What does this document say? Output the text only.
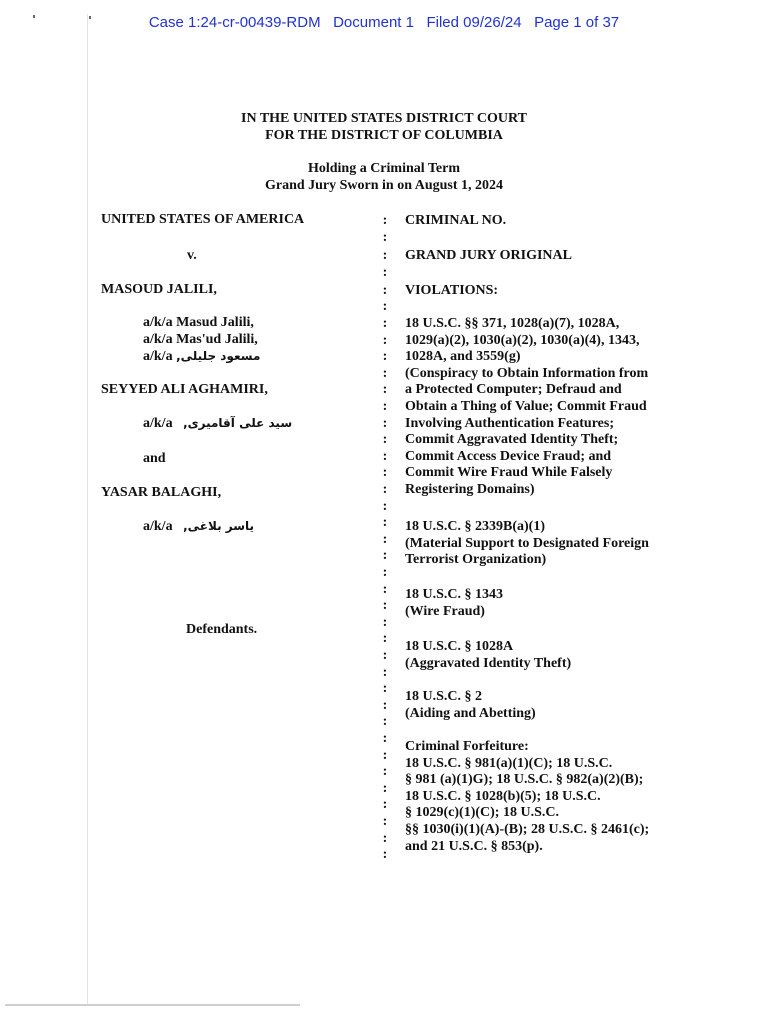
Case 1:24-cr-00439-RDM Document 1 Filed 09/26/24 Page 1 of 37
IN THE UNITED STATES DISTRICT COURT
FOR THE DISTRICT OF COLUMBIA
Holding a Criminal Term
Grand Jury Sworn in on August 1, 2024
UNITED STATES OF AMERICA
v.
MASOUD JALILI,
a/k/a Masud Jalili,
a/k/a Mas'ud Jalili,
a/k/a مسعود جلیلی,
SEYYED ALI AGHAMIRI,
a/k/a سید علی آقامیری,
and
YASAR BALAGHI,
a/k/a یاسر بلاغی,
Defendants.
:
:
:
:
:
:
:
:
:
:
:
:
:
:
:
:
:
:
:
:
:
:
:
:
:
:
:
:
:
:
:
:
:
:
:
:
:
:
:
CRIMINAL NO.
GRAND JURY ORIGINAL
VIOLATIONS:
18 U.S.C. §§ 371, 1028(a)(7), 1028A,
1029(a)(2), 1030(a)(2), 1030(a)(4), 1343,
1028A, and 3559(g)
(Conspiracy to Obtain Information from
a Protected Computer; Defraud and
Obtain a Thing of Value; Commit Fraud
Involving Authentication Features;
Commit Aggravated Identity Theft;
Commit Access Device Fraud; and
Commit Wire Fraud While Falsely
Registering Domains)
18 U.S.C. § 2339B(a)(1)
(Material Support to Designated Foreign
Terrorist Organization)
18 U.S.C. § 1343
(Wire Fraud)
18 U.S.C. § 1028A
(Aggravated Identity Theft)
18 U.S.C. § 2
(Aiding and Abetting)
Criminal Forfeiture:
18 U.S.C. § 981(a)(1)(C); 18 U.S.C.
§ 981 (a)(1)G); 18 U.S.C. § 982(a)(2)(B);
18 U.S.C. § 1028(b)(5); 18 U.S.C.
§ 1029(c)(1)(C); 18 U.S.C.
§§ 1030(i)(1)(A)-(B); 28 U.S.C. § 2461(c);
and 21 U.S.C. § 853(p).
